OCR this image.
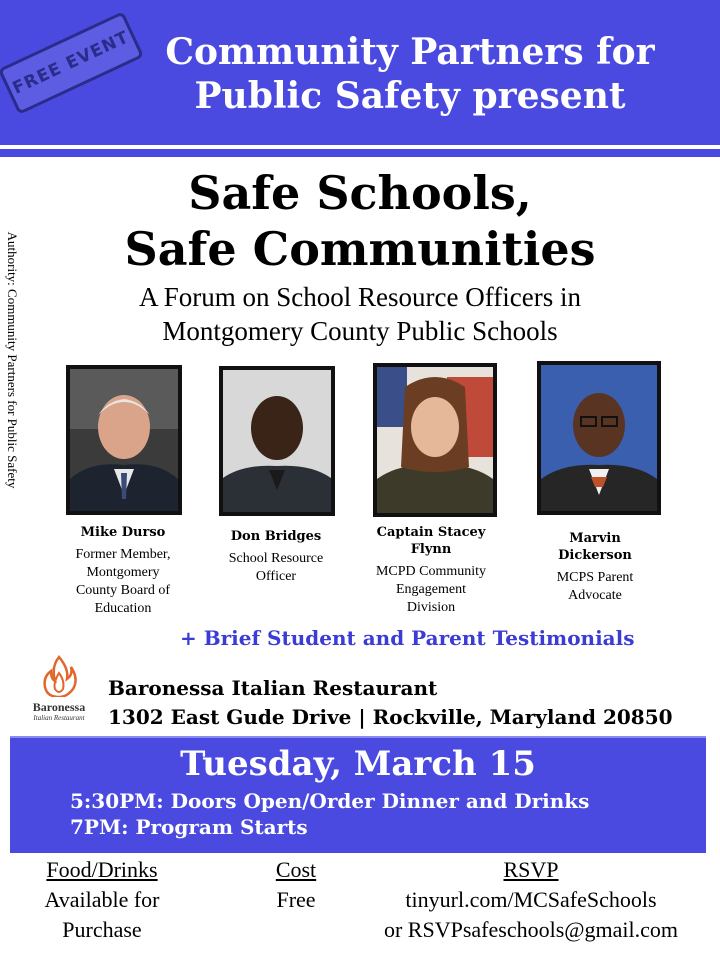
FREE EVENT Community Partners for
Public Safety present
Authority: Community Partners for Public Safety
Safe Schools,
Safe Communities
A Forum on School Resource Officers in
Montgomery County Public Schools
Mike Durso
Former Member,
Montgomery
County Board of
Education
Don Bridges
School Resource
Officer
Captain Stacey
Flynn
MCPD Community
Engagement
Division
Marvin
Dickerson
MCPS Parent
Advocate
+ Brief Student and Parent Testimonials
Baronessa
Italian Restaurant
Baronessa Italian Restaurant
1302 East Gude Drive | Rockville, Maryland 20850
Tuesday, March 15
5:30PM: Doors Open/Order Dinner and Drinks
7PM: Program Starts
Food/Drinks
Available for
Purchase
Cost
Free
RSVP
tinyurl.com/MCSafeSchools
or RSVPsafeschools@gmail.com
